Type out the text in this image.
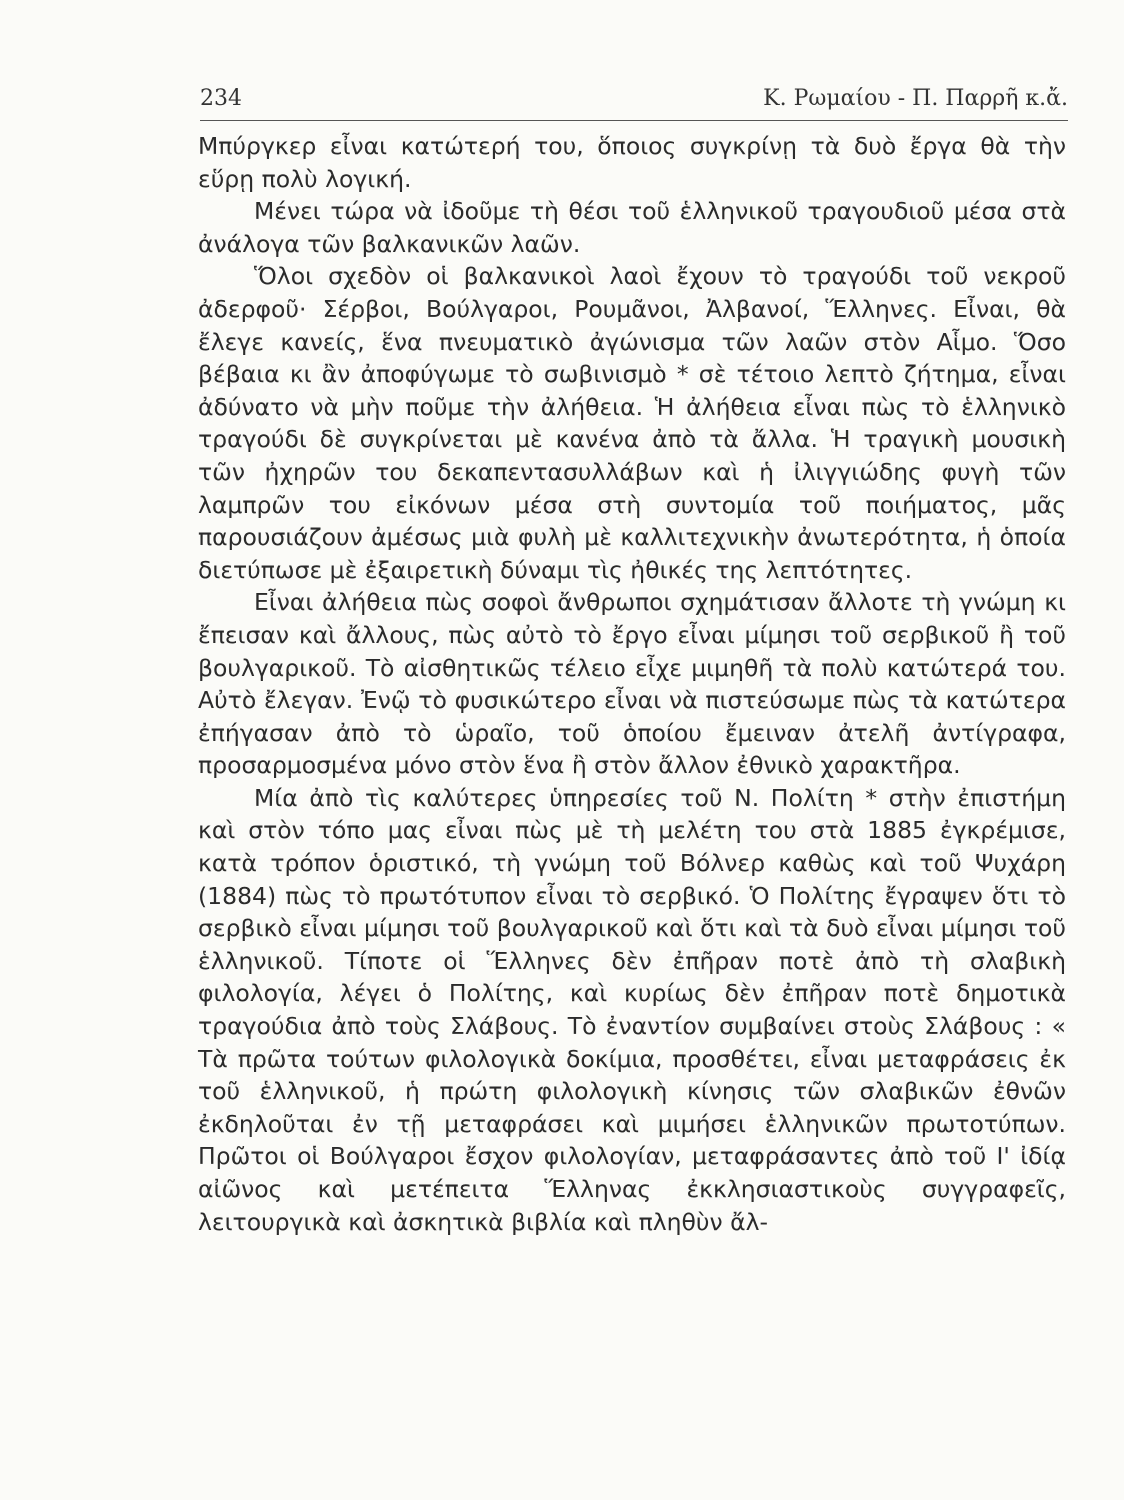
234	Κ. Ρωμαίου - Π. Παρρῆ κ.ἄ.

Μπύργκερ εἶναι κατώτερή του, ὅποιος συγκρίνῃ τὰ δυὸ ἔργα θὰ τὴν εὕρῃ πολὺ λογική.

Μένει τώρα νὰ ἰδοῦμε τὴ θέσι τοῦ ἑλληνικοῦ τραγουδιοῦ μέσα στὰ ἀνάλογα τῶν βαλκανικῶν λαῶν.

Ὅλοι σχεδὸν οἱ βαλκανικοὶ λαοὶ ἔχουν τὸ τραγούδι τοῦ νεκροῦ ἀδερφοῦ· Σέρβοι, Βούλγαροι, Ρουμᾶνοι, Ἀλβανοί, Ἕλληνες. Εἶναι, θὰ ἔλεγε κανείς, ἕνα πνευματικὸ ἀγώνισμα τῶν λαῶν στὸν Αἷμο. Ὅσο βέβαια κι ἂν ἀποφύγωμε τὸ σωβινισμὸ * σὲ τέτοιο λεπτὸ ζήτημα, εἶναι ἀδύνατο νὰ μὴν ποῦμε τὴν ἀλήθεια. Ἡ ἀλήθεια εἶναι πὼς τὸ ἑλληνικὸ τραγούδι δὲ συγκρίνεται μὲ κανένα ἀπὸ τὰ ἄλλα. Ἡ τραγικὴ μουσικὴ τῶν ἠχηρῶν του δεκαπεντασυλλάβων καὶ ἡ ἰλιγγιώδης φυγὴ τῶν λαμπρῶν του εἰκόνων μέσα στὴ συντομία τοῦ ποιήματος, μᾶς παρουσιάζουν ἀμέσως μιὰ φυλὴ μὲ καλλιτεχνικὴν ἀνωτερότητα, ἡ ὁποία διετύπωσε μὲ ἐξαιρετικὴ δύναμι τὶς ἠθικές της λεπτότητες.

Εἶναι ἀλήθεια πὼς σοφοὶ ἄνθρωποι σχημάτισαν ἄλλοτε τὴ γνώμη κι ἔπεισαν καὶ ἄλλους, πὼς αὐτὸ τὸ ἔργο εἶναι μίμησι τοῦ σερβικοῦ ἢ τοῦ βουλγαρικοῦ. Τὸ αἰσθητικῶς τέλειο εἶχε μιμηθῆ τὰ πολὺ κατώτερά του. Αὐτὸ ἔλεγαν. Ἐνῷ τὸ φυσικώτερο εἶναι νὰ πιστεύσωμε πὼς τὰ κατώτερα ἐπήγασαν ἀπὸ τὸ ὡραῖο, τοῦ ὁποίου ἔμειναν ἀτελῆ ἀντίγραφα, προσαρμοσμένα μόνο στὸν ἕνα ἢ στὸν ἄλλον ἐθνικὸ χαρακτῆρα.

Μία ἀπὸ τὶς καλύτερες ὑπηρεσίες τοῦ Ν. Πολίτη * στὴν ἐπιστήμη καὶ στὸν τόπο μας εἶναι πὼς μὲ τὴ μελέτη του στὰ 1885 ἐγκρέμισε, κατὰ τρόπον ὁριστικό, τὴ γνώμη τοῦ Βόλνερ καθὼς καὶ τοῦ Ψυχάρη (1884) πὼς τὸ πρωτότυπον εἶναι τὸ σερβικό. Ὁ Πολίτης ἔγραψεν ὅτι τὸ σερβικὸ εἶναι μίμησι τοῦ βουλγαρικοῦ καὶ ὅτι καὶ τὰ δυὸ εἶναι μίμησι τοῦ ἑλληνικοῦ. Τίποτε οἱ Ἕλληνες δὲν ἐπῆραν ποτὲ ἀπὸ τὴ σλαβικὴ φιλολογία, λέγει ὁ Πολίτης, καὶ κυρίως δὲν ἐπῆραν ποτὲ δημοτικὰ τραγούδια ἀπὸ τοὺς Σλάβους. Τὸ ἐναντίον συμβαίνει στοὺς Σλάβους : « Τὰ πρῶτα τούτων φιλολογικὰ δοκίμια, προσθέτει, εἶναι μεταφράσεις ἐκ τοῦ ἑλληνικοῦ, ἡ πρώτη φιλολογικὴ κίνησις τῶν σλαβικῶν ἐθνῶν ἐκδηλοῦται ἐν τῇ μεταφράσει καὶ μιμήσει ἑλληνικῶν πρωτοτύπων. Πρῶτοι οἱ Βούλγαροι ἔσχον φιλολογίαν, μεταφράσαντες ἀπὸ τοῦ Ι' ἰδίᾳ αἰῶνος καὶ μετέπειτα Ἕλληνας ἐκκλησιαστικοὺς συγγραφεῖς, λειτουργικὰ καὶ ἀσκητικὰ βιβλία καὶ πληθὺν ἄλ-
